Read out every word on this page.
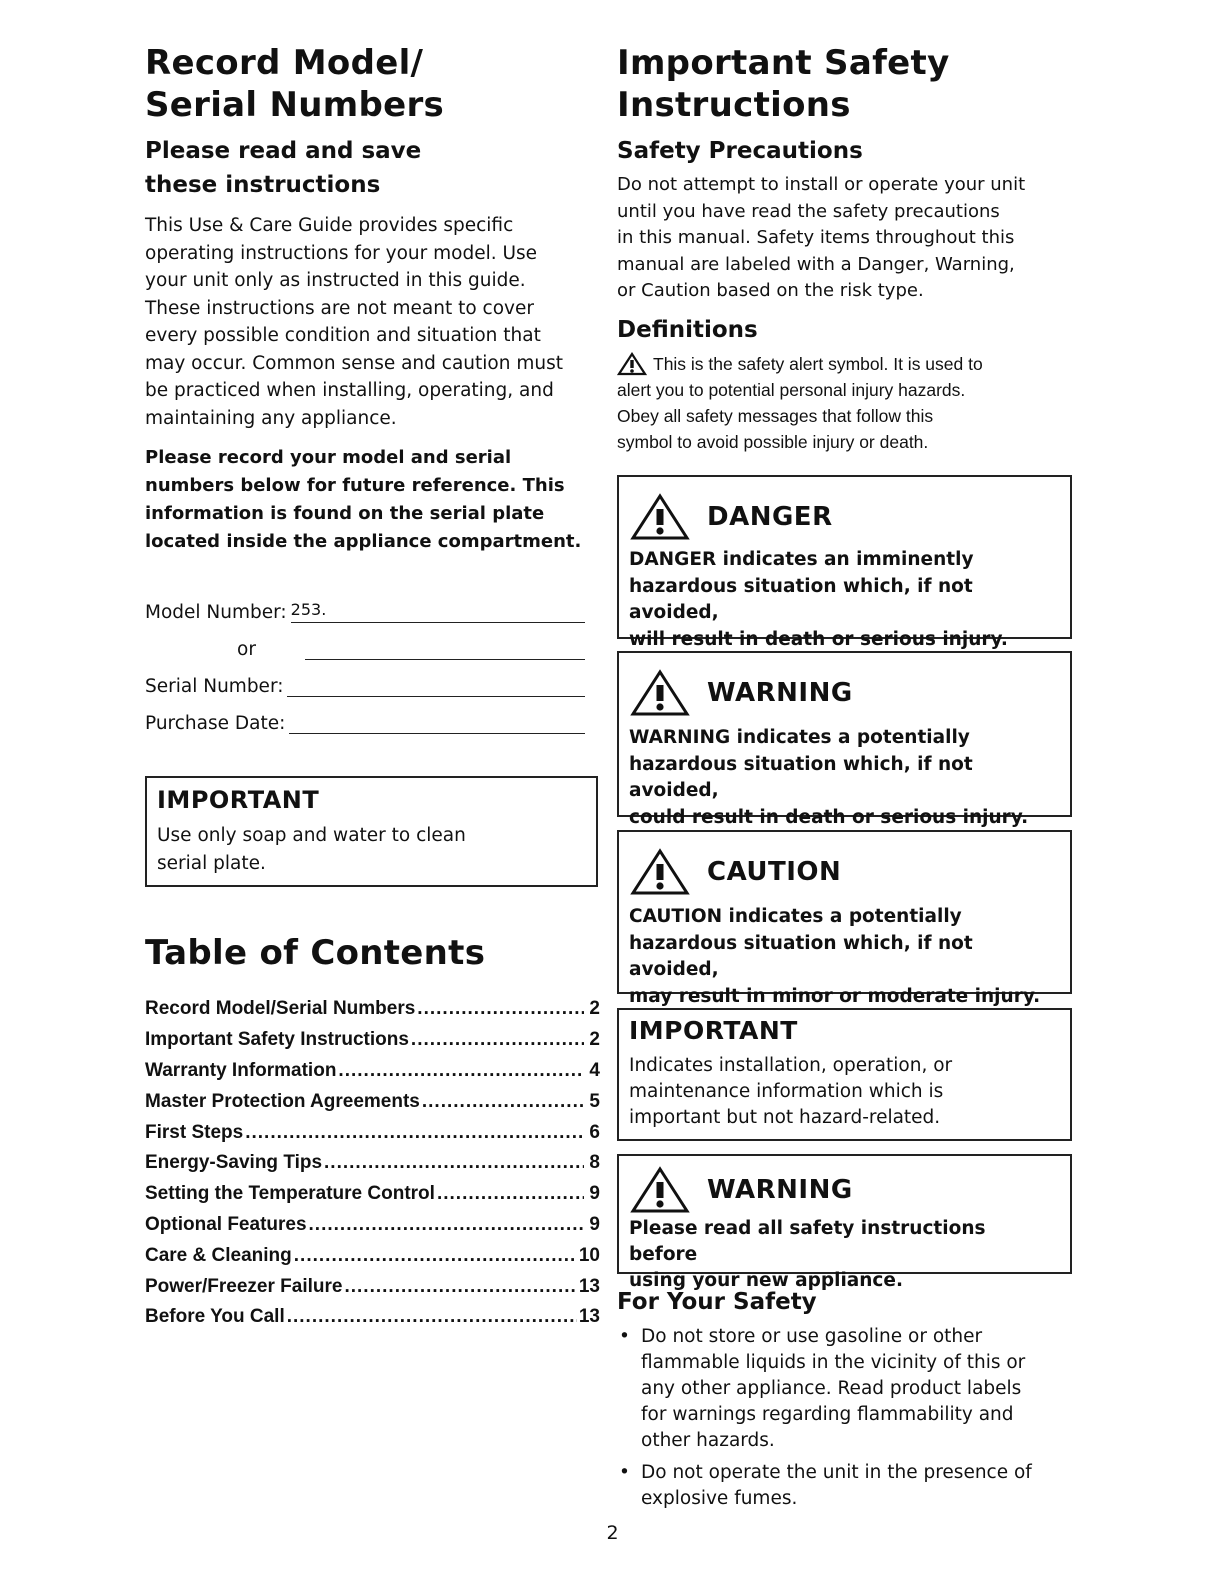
Record Model/
Serial Numbers
Please read and save
these instructions
This Use & Care Guide provides specific
operating instructions for your model. Use
your unit only as instructed in this guide.
These instructions are not meant to cover
every possible condition and situation that
may occur. Common sense and caution must
be practiced when installing, operating, and
maintaining any appliance.
Please record your model and serial
numbers below for future reference. This
information is found on the serial plate
located inside the appliance compartment.
Model Number: 253.
or
Serial Number:
Purchase Date:
IMPORTANT
Use only soap and water to clean
serial plate.
Table of Contents
Record Model/Serial Numbers .....	2
Important Safety Instructions .....	2
Warranty Information .....	4
Master Protection Agreements .....	5
First Steps .....	6
Energy-Saving Tips .....	8
Setting the Temperature Control .....	9
Optional Features .....	9
Care & Cleaning .....	10
Power/Freezer Failure .....	13
Before You Call .....	13
Important Safety
Instructions
Safety Precautions
Do not attempt to install or operate your unit
until you have read the safety precautions
in this manual. Safety items throughout this
manual are labeled with a Danger, Warning,
or Caution based on the risk type.
Definitions
This is the safety alert symbol. It is used to
alert you to potential personal injury hazards.
Obey all safety messages that follow this
symbol to avoid possible injury or death.
DANGER
DANGER indicates an imminently
hazardous situation which, if not avoided,
will result in death or serious injury.
WARNING
WARNING indicates a potentially
hazardous situation which, if not avoided,
could result in death or serious injury.
CAUTION
CAUTION indicates a potentially
hazardous situation which, if not avoided,
may result in minor or moderate injury.
IMPORTANT
Indicates installation, operation, or
maintenance information which is
important but not hazard-related.
WARNING
Please read all safety instructions before
using your new appliance.
For Your Safety
• Do not store or use gasoline or other
flammable liquids in the vicinity of this or
any other appliance. Read product labels
for warnings regarding flammability and
other hazards.
• Do not operate the unit in the presence of
explosive fumes.
2
